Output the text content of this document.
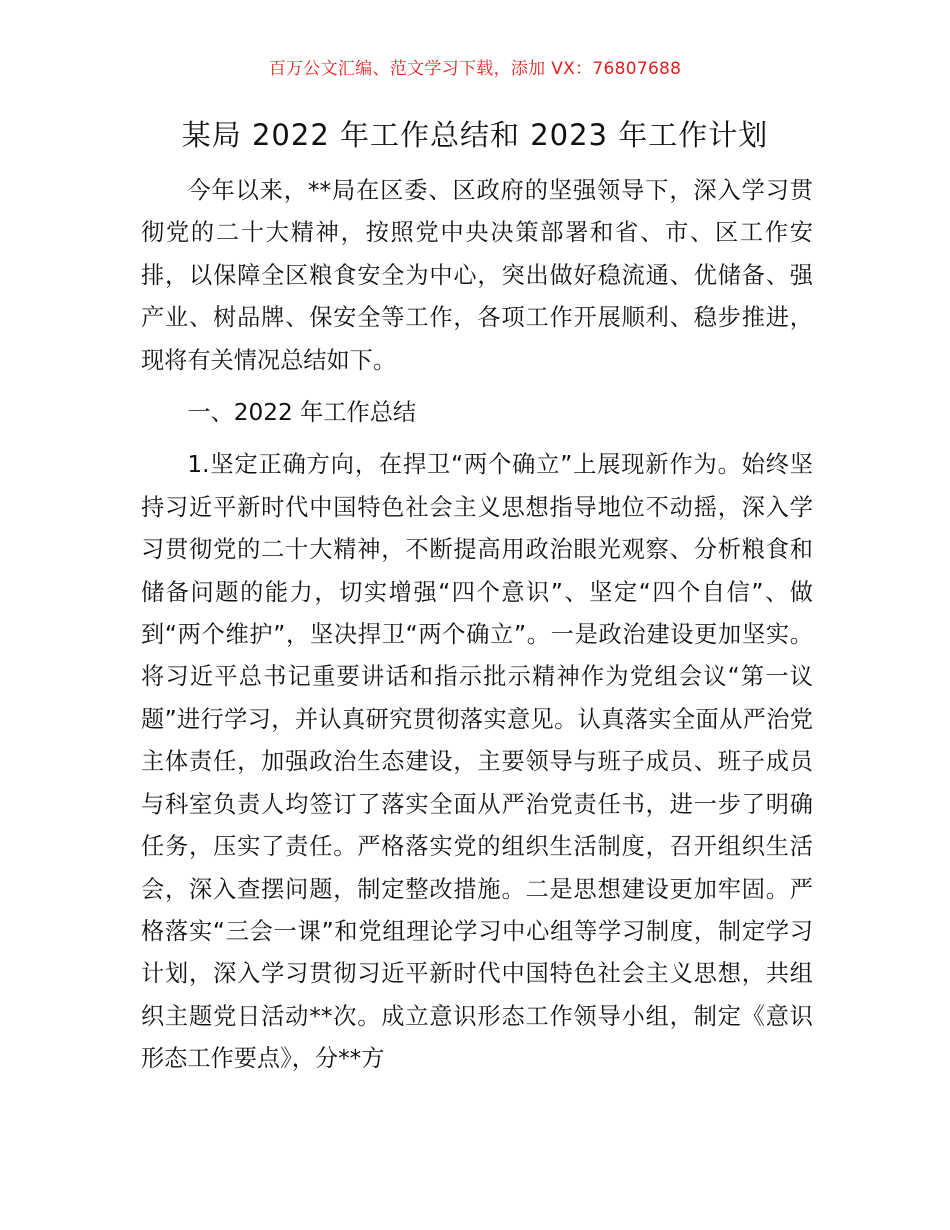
百万公文汇编、范文学习下载，添加 VX：76807688
某局 2022 年工作总结和 2023 年工作计划

今年以来，**局在区委、区政府的坚强领导下，深入学习贯彻党的二十大精神，按照党中央决策部署和省、市、区工作安排，以保障全区粮食安全为中心，突出做好稳流通、优储备、强产业、树品牌、保安全等工作，各项工作开展顺利、稳步推进，现将有关情况总结如下。

一、2022 年工作总结

1.坚定正确方向，在捍卫“两个确立”上展现新作为。始终坚持习近平新时代中国特色社会主义思想指导地位不动摇，深入学习贯彻党的二十大精神，不断提高用政治眼光观察、分析粮食和储备问题的能力，切实增强“四个意识”、坚定“四个自信”、做到“两个维护”，坚决捍卫“两个确立”。一是政治建设更加坚实。将习近平总书记重要讲话和指示批示精神作为党组会议“第一议题”进行学习，并认真研究贯彻落实意见。认真落实全面从严治党主体责任，加强政治生态建设，主要领导与班子成员、班子成员与科室负责人均签订了落实全面从严治党责任书，进一步了明确任务，压实了责任。严格落实党的组织生活制度，召开组织生活会，深入查摆问题，制定整改措施。二是思想建设更加牢固。严格落实“三会一课”和党组理论学习中心组等学习制度，制定学习计划，深入学习贯彻习近平新时代中国特色社会主义思想，共组织主题党日活动**次。成立意识形态工作领导小组，制定《意识形态工作要点》，分**方
